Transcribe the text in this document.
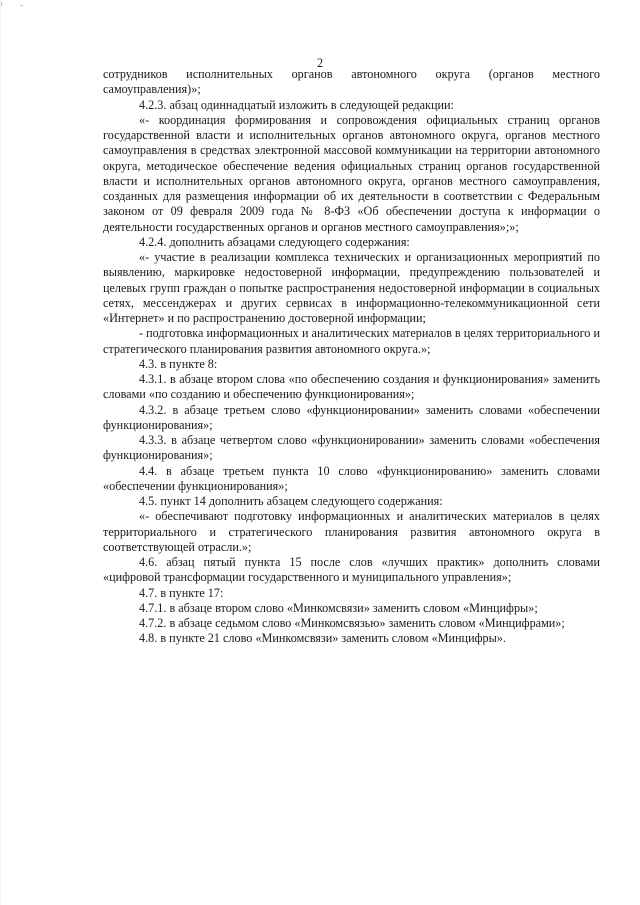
2

сотрудников исполнительных органов автономного округа (органов местного самоуправления)»;

4.2.3. абзац одиннадцатый изложить в следующей редакции:

«- координация формирования и сопровождения официальных страниц органов государственной власти и исполнительных органов автономного округа, органов местного самоуправления в средствах электронной массовой коммуникации на территории автономного округа, методическое обеспечение ведения официальных страниц органов государственной власти и исполнительных органов автономного округа, органов местного самоуправления, созданных для размещения информации об их деятельности в соответствии с Федеральным законом от 09 февраля 2009 года № 8-ФЗ «Об обеспечении доступа к информации о деятельности государственных органов и органов местного самоуправления»;»;

4.2.4. дополнить абзацами следующего содержания:

«- участие в реализации комплекса технических и организационных мероприятий по выявлению, маркировке недостоверной информации, предупреждению пользователей и целевых групп граждан о попытке распространения недостоверной информации в социальных сетях, мессенджерах и других сервисах в информационно-телекоммуникационной сети «Интернет» и по распространению достоверной информации;

- подготовка информационных и аналитических материалов в целях территориального и стратегического планирования развития автономного округа.»;

4.3. в пункте 8:

4.3.1. в абзаце втором слова «по обеспечению создания и функционирования» заменить словами «по созданию и обеспечению функционирования»;

4.3.2. в абзаце третьем слово «функционировании» заменить словами «обеспечении функционирования»;

4.3.3. в абзаце четвертом слово «функционировании» заменить словами «обеспечения функционирования»;

4.4. в абзаце третьем пункта 10 слово «функционированию» заменить словами «обеспечении функционирования»;

4.5. пункт 14 дополнить абзацем следующего содержания:

«- обеспечивают подготовку информационных и аналитических материалов в целях территориального и стратегического планирования развития автономного округа в соответствующей отрасли.»;

4.6. абзац пятый пункта 15 после слов «лучших практик» дополнить словами «цифровой трансформации государственного и муниципального управления»;

4.7. в пункте 17:

4.7.1. в абзаце втором слово «Минкомсвязи» заменить словом «Минцифры»;

4.7.2. в абзаце седьмом слово «Минкомсвязью» заменить словом «Минцифрами»;

4.8. в пункте 21 слово «Минкомсвязи» заменить словом «Минцифры».
